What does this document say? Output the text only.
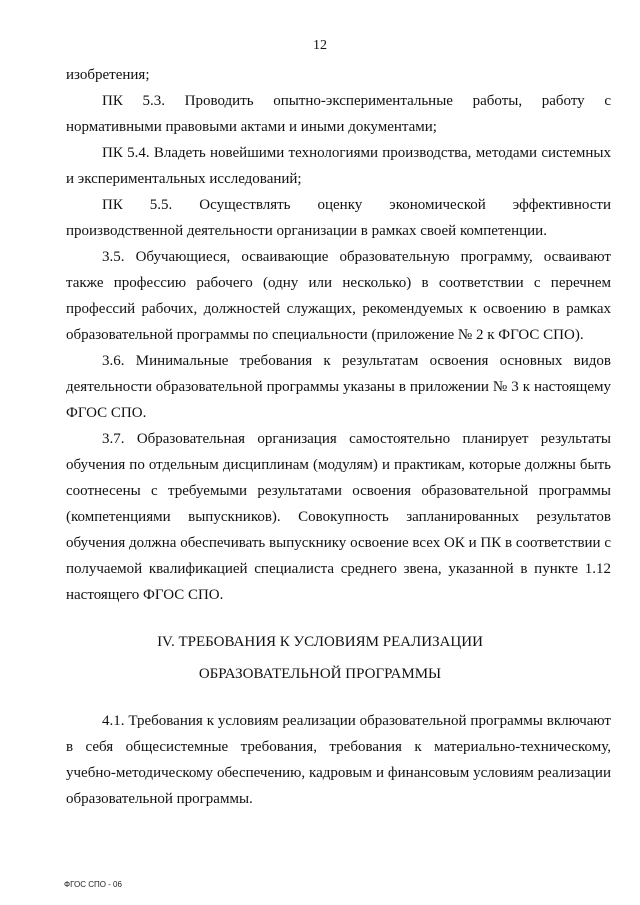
12

изобретения;

ПК 5.3. Проводить опытно-экспериментальные работы, работу с нормативными правовыми актами и иными документами;

ПК 5.4. Владеть новейшими технологиями производства, методами системных и экспериментальных исследований;

ПК 5.5. Осуществлять оценку экономической эффективности производственной деятельности организации в рамках своей компетенции.

3.5. Обучающиеся, осваивающие образовательную программу, осваивают также профессию рабочего (одну или несколько) в соответствии с перечнем профессий рабочих, должностей служащих, рекомендуемых к освоению в рамках образовательной программы по специальности (приложение № 2 к ФГОС СПО).

3.6. Минимальные требования к результатам освоения основных видов деятельности образовательной программы указаны в приложении № 3 к настоящему ФГОС СПО.

3.7. Образовательная организация самостоятельно планирует результаты обучения по отдельным дисциплинам (модулям) и практикам, которые должны быть соотнесены с требуемыми результатами освоения образовательной программы (компетенциями выпускников). Совокупность запланированных результатов обучения должна обеспечивать выпускнику освоение всех ОК и ПК в соответствии с получаемой квалификацией специалиста среднего звена, указанной в пункте 1.12 настоящего ФГОС СПО.

IV. ТРЕБОВАНИЯ К УСЛОВИЯМ РЕАЛИЗАЦИИ
ОБРАЗОВАТЕЛЬНОЙ ПРОГРАММЫ

4.1. Требования к условиям реализации образовательной программы включают в себя общесистемные требования, требования к материально-техническому, учебно-методическому обеспечению, кадровым и финансовым условиям реализации образовательной программы.

ФГОС СПО - 06
